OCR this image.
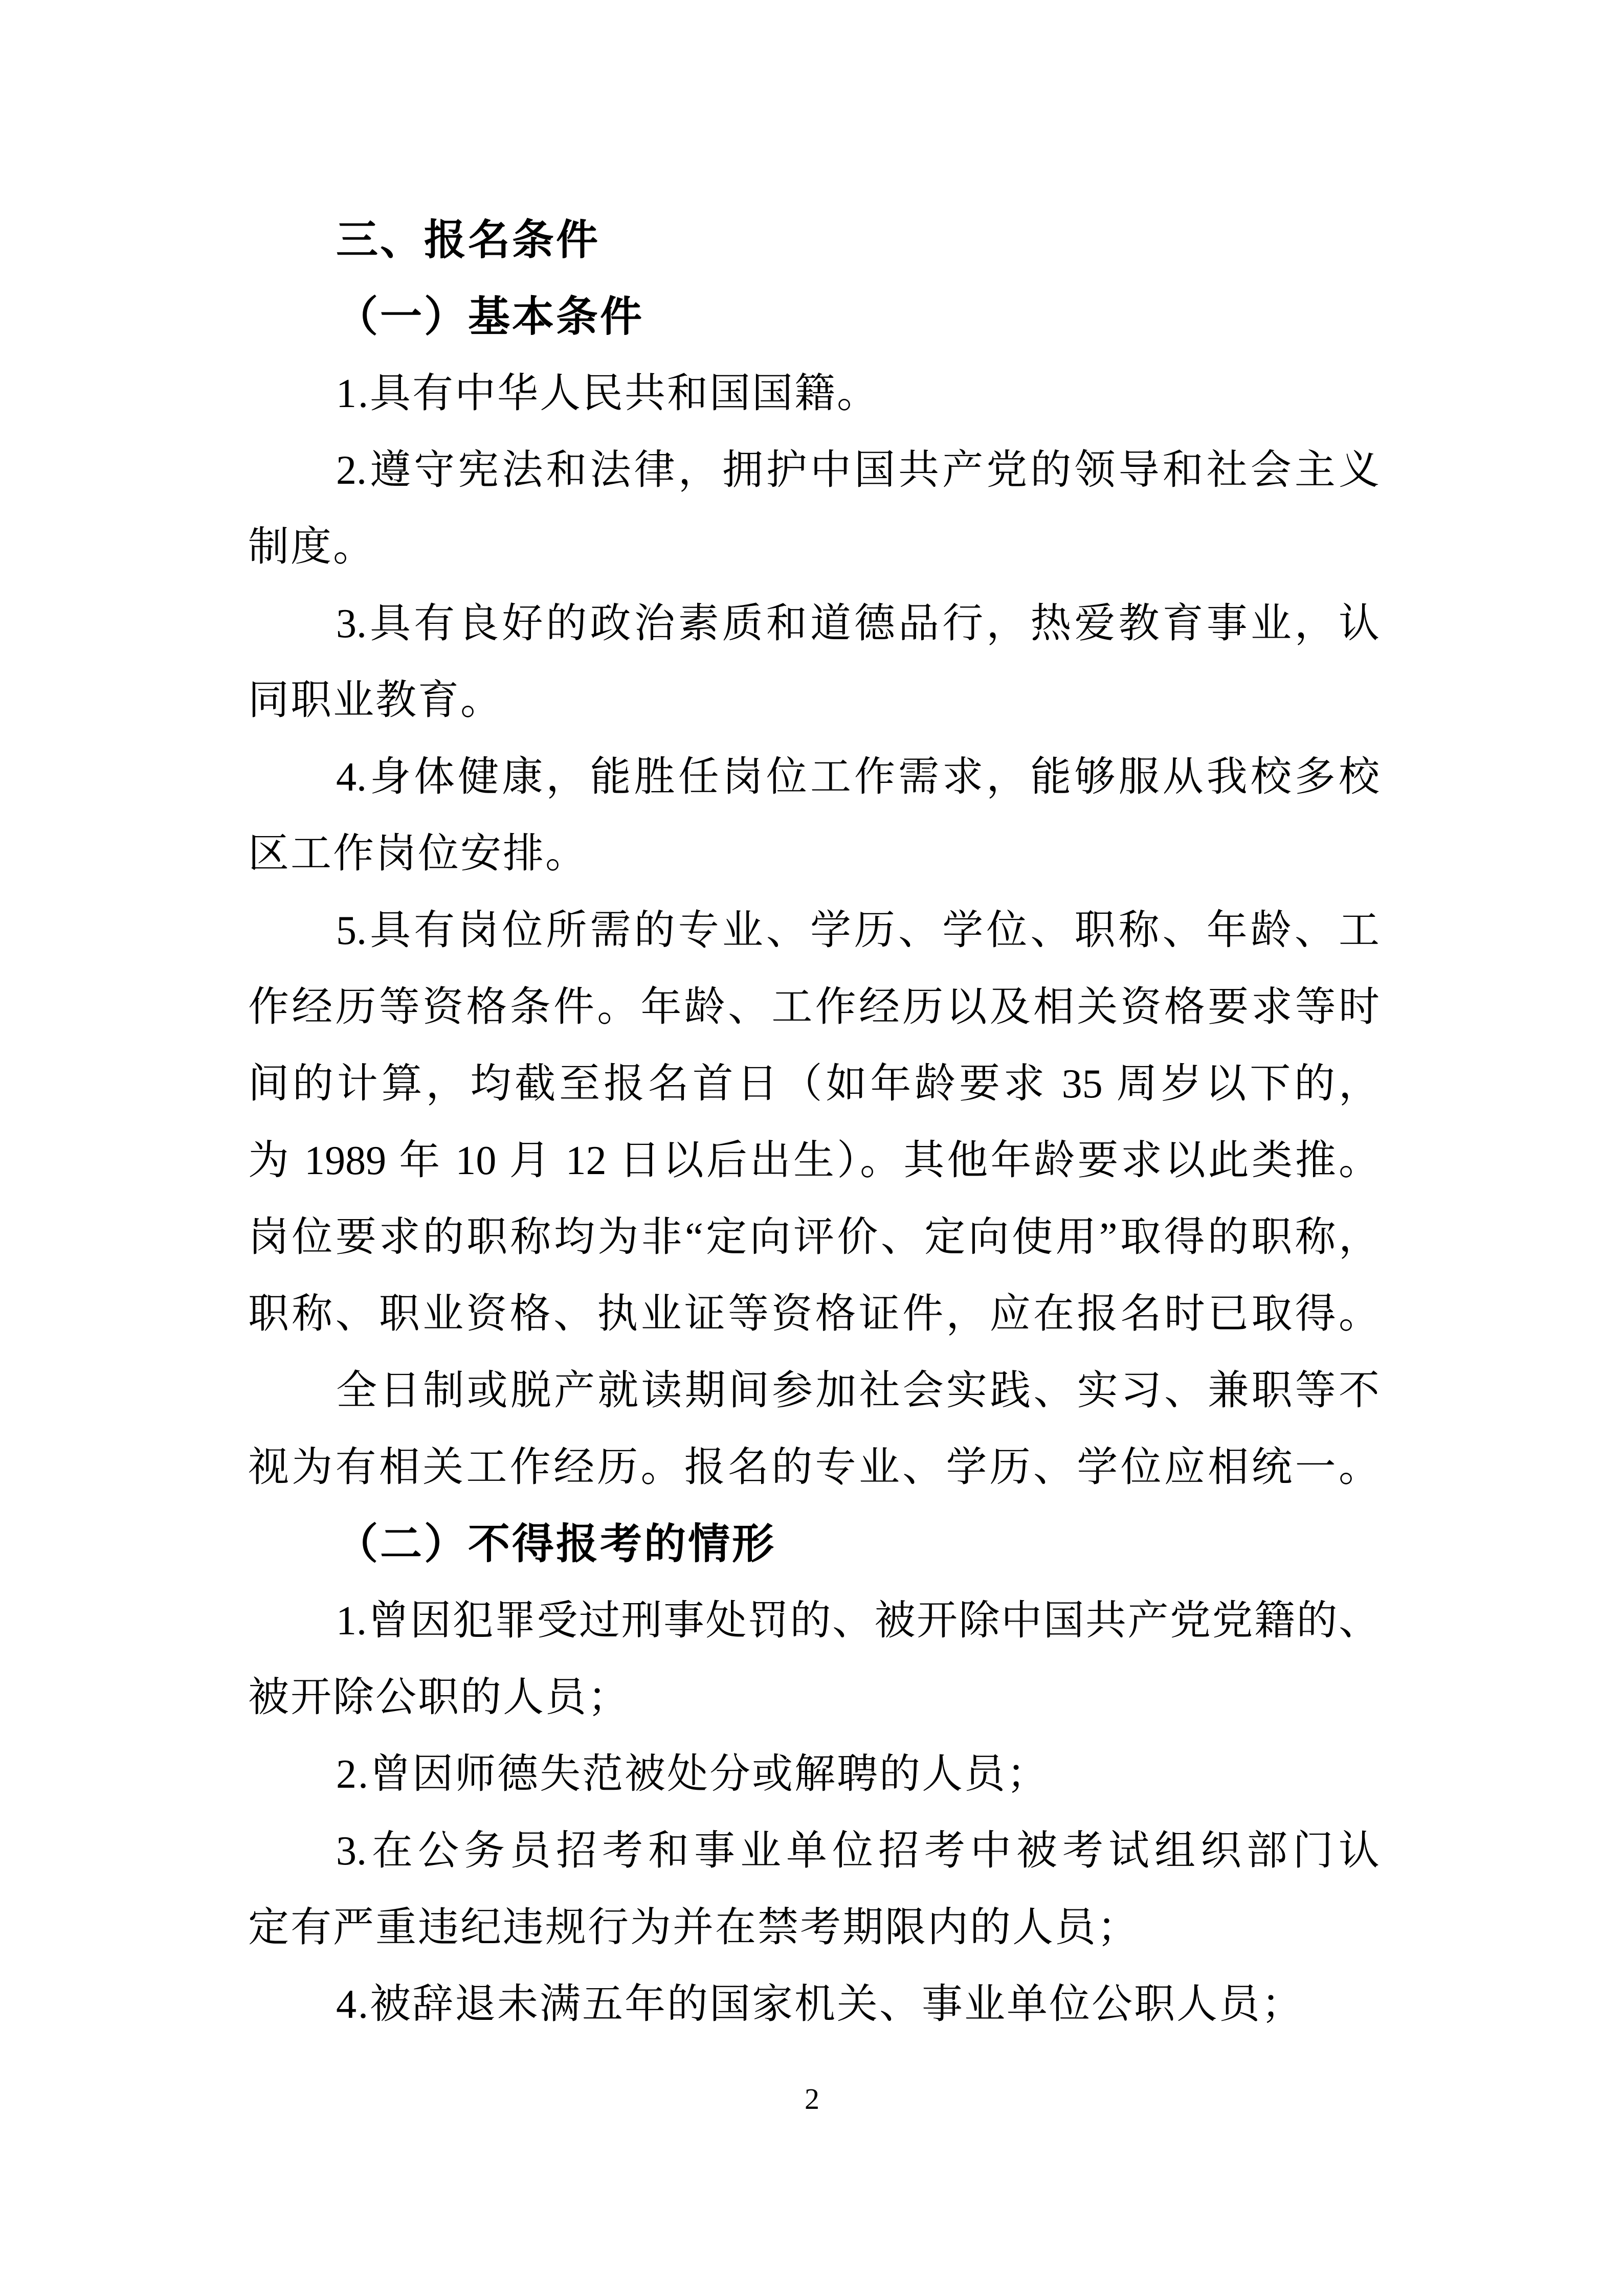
三、报名条件
（一）基本条件
1.具有中华人民共和国国籍。
2.遵守宪法和法律，拥护中国共产党的领导和社会主义
制度。
3.具有良好的政治素质和道德品行，热爱教育事业，认
同职业教育。
4.身体健康，能胜任岗位工作需求，能够服从我校多校
区工作岗位安排。
5.具有岗位所需的专业、学历、学位、职称、年龄、工
作经历等资格条件。年龄、工作经历以及相关资格要求等时
间的计算，均截至报名首日（如年龄要求 35 周岁以下的，
为 1989 年 10 月 12 日以后出生）。其他年龄要求以此类推。
岗位要求的职称均为非“定向评价、定向使用”取得的职称，
职称、职业资格、执业证等资格证件，应在报名时已取得。
全日制或脱产就读期间参加社会实践、实习、兼职等不
视为有相关工作经历。报名的专业、学历、学位应相统一。
（二）不得报考的情形
1.曾因犯罪受过刑事处罚的、被开除中国共产党党籍的、
被开除公职的人员；
2.曾因师德失范被处分或解聘的人员；
3.在公务员招考和事业单位招考中被考试组织部门认
定有严重违纪违规行为并在禁考期限内的人员；
4.被辞退未满五年的国家机关、事业单位公职人员；
2
